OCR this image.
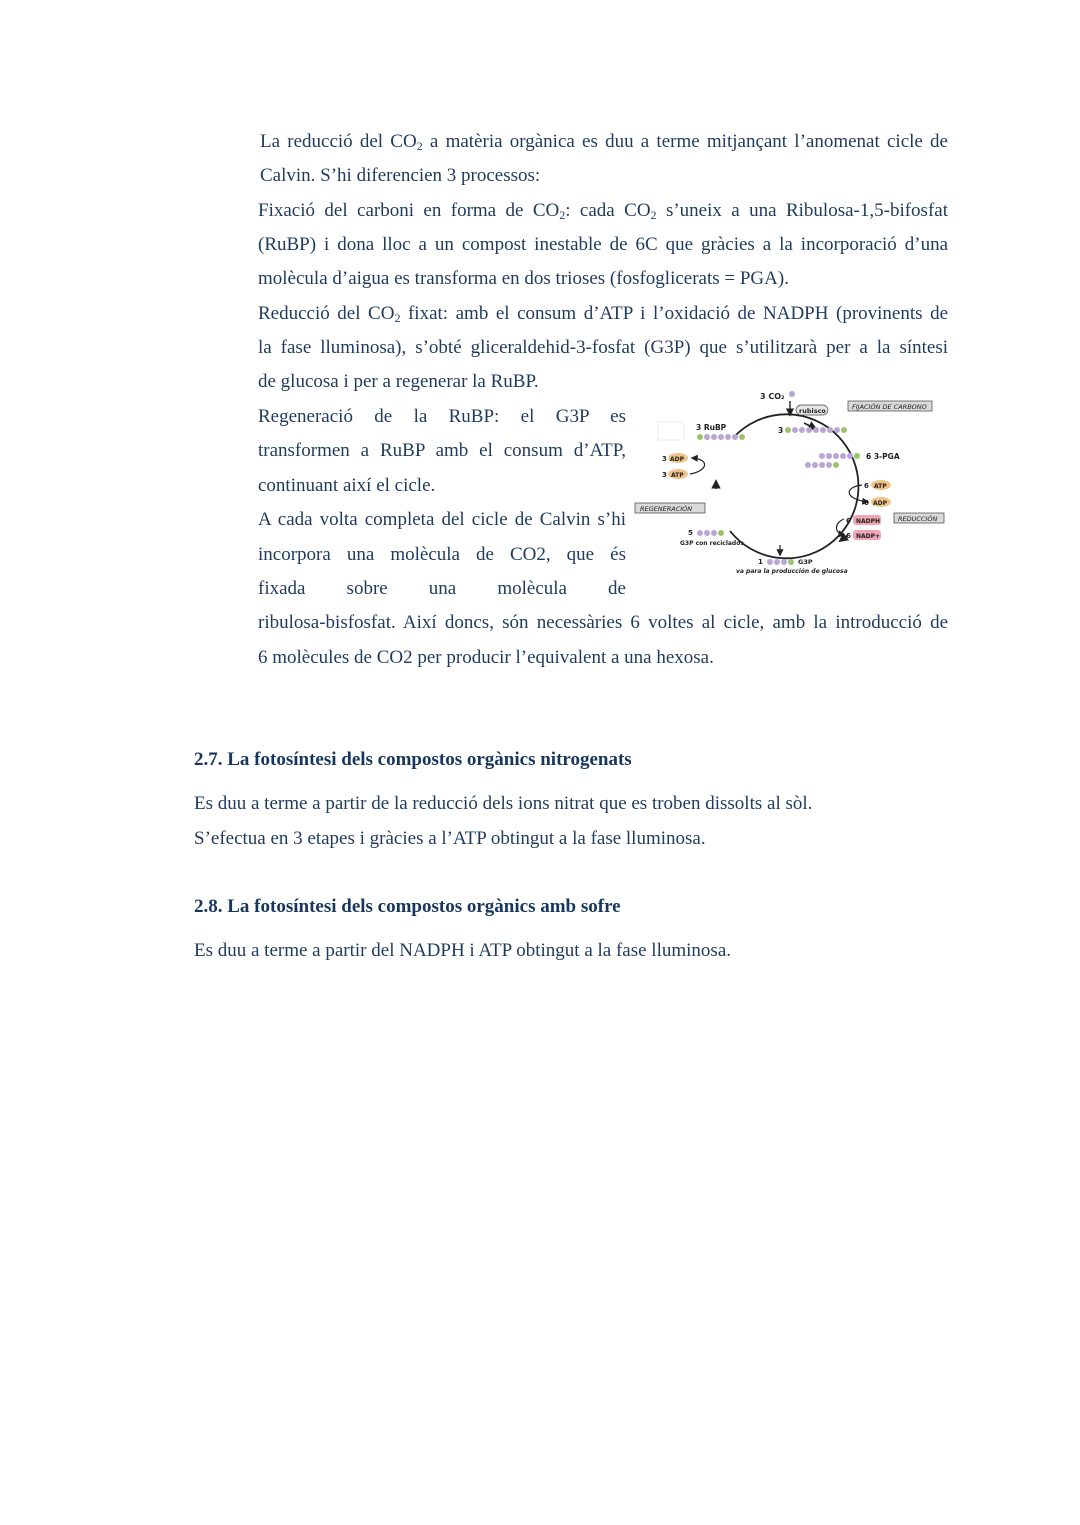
La reducció del $CO_2$ a matèria orgànica es duu a terme mitjançant l’anomenat cicle de

Calvin. S’hi diferencien 3 processos:

Fixació del carboni en forma de $CO_2$: cada $CO_2$ s’uneix a una Ribulosa-1,5-bifosfat

(RuBP) i dona lloc a un compost inestable de 6C que gràcies a la incorporació d’una

molècula d’aigua es transforma en dos trioses (fosfoglicerats = PGA).

Reducció del $CO_2$ fixat: amb el consum d’ATP i l’oxidació de NADPH (provinents de

la fase lluminosa), s’obté gliceraldehid-3-fosfat (G3P) que s’utilitzarà per a la síntesi

de glucosa i per a regenerar la RuBP.

Regeneració de la RuBP: el G3P es

transformen a RuBP amb el consum d’ATP,

continuant així el cicle.

A cada volta completa del cicle de Calvin s’hi

incorpora una molècula de CO2, que és

fixada sobre una molècula de

ribulosa-bisfosfat. Així doncs, són necessàries 6 voltes al cicle, amb la introducció de

6 molècules de CO2 per producir l’equivalent a una hexosa.

2.7. La fotosíntesi dels compostos orgànics nitrogenats

Es duu a terme a partir de la reducció dels ions nitrat que es troben dissolts al sòl.

S’efectua en 3 etapes i gràcies a l’ATP obtingut a la fase lluminosa.

2.8. La fotosíntesi dels compostos orgànics amb sofre

Es duu a terme a partir del NADPH i ATP obtingut a la fase lluminosa.

3 CO₂
rubisco	FIJACIÓN DE CARBONO
3 RuBP	3
6 3-PGA
3 ADP
3 ATP
6 ATP
6 ADP
REGENERACIÓN
6 NADPH
6 NADP+
REDUCCIÓN
5
G3P con reciclados
1	G3P
va para la producción de glucosa
